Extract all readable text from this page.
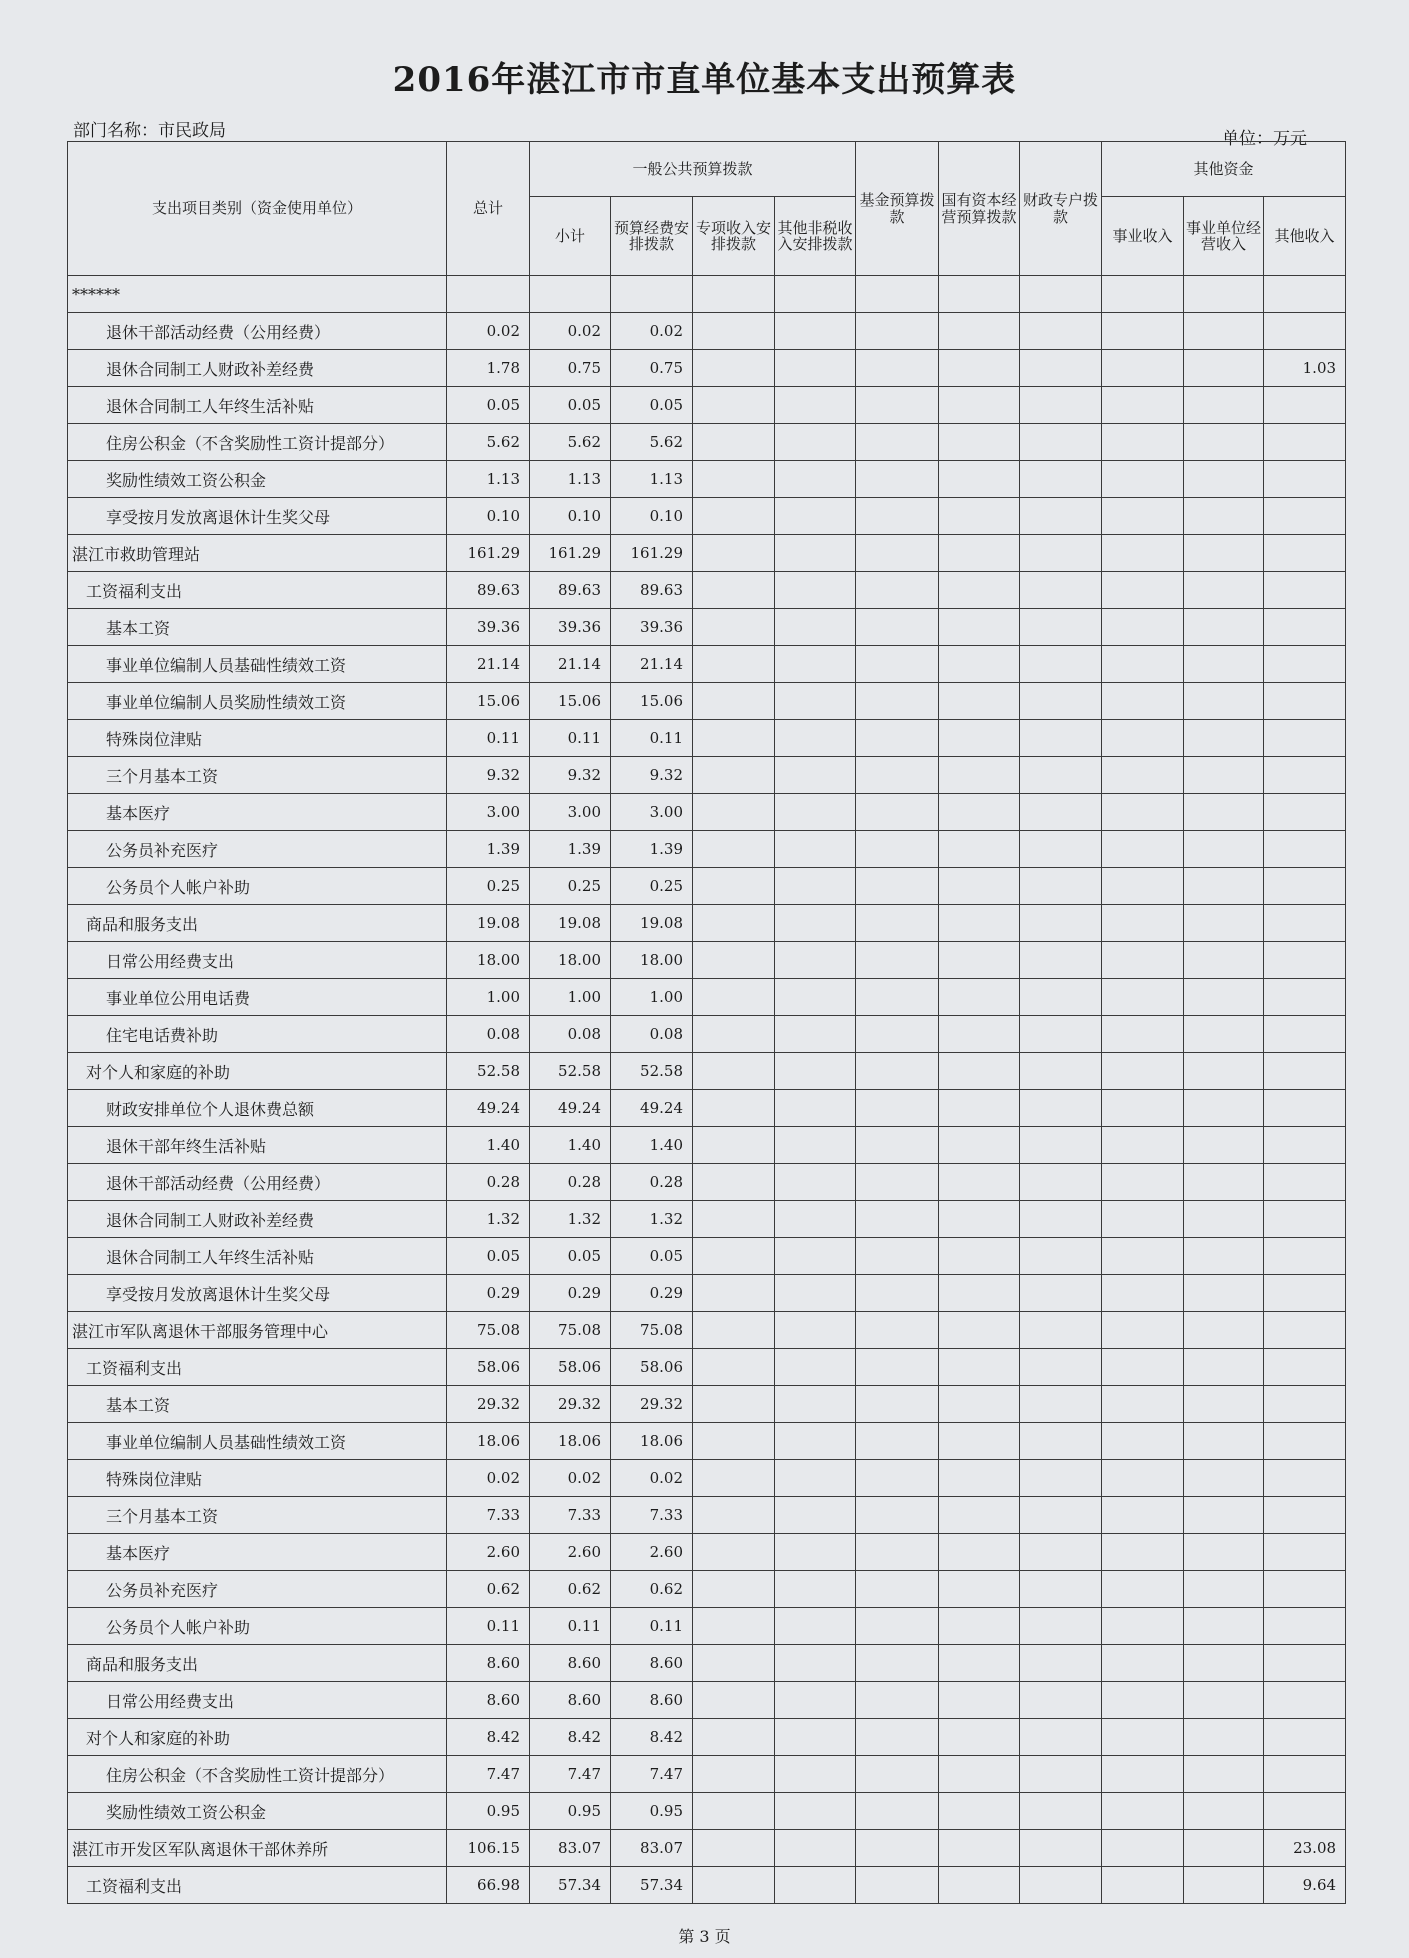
2016年湛江市市直单位基本支出预算表
部门名称：市民政局	单位：万元
支出项目类别（资金使用单位）	总计	一般公共预算拨款				基金预算拨款	国有资本经营预算拨款	财政专户拨款	其他资金		
		小计	预算经费安排拨款	专项收入安排拨款	其他非税收入安排拨款				事业收入	事业单位经营收入	其他收入
******											
退休干部活动经费（公用经费）	0.02	0.02	0.02								
退休合同制工人财政补差经费	1.78	0.75	0.75								1.03
退休合同制工人年终生活补贴	0.05	0.05	0.05								
住房公积金（不含奖励性工资计提部分）	5.62	5.62	5.62								
奖励性绩效工资公积金	1.13	1.13	1.13								
享受按月发放离退休计生奖父母	0.10	0.10	0.10								
湛江市救助管理站	161.29	161.29	161.29								
工资福利支出	89.63	89.63	89.63								
基本工资	39.36	39.36	39.36								
事业单位编制人员基础性绩效工资	21.14	21.14	21.14								
事业单位编制人员奖励性绩效工资	15.06	15.06	15.06								
特殊岗位津贴	0.11	0.11	0.11								
三个月基本工资	9.32	9.32	9.32								
基本医疗	3.00	3.00	3.00								
公务员补充医疗	1.39	1.39	1.39								
公务员个人帐户补助	0.25	0.25	0.25								
商品和服务支出	19.08	19.08	19.08								
日常公用经费支出	18.00	18.00	18.00								
事业单位公用电话费	1.00	1.00	1.00								
住宅电话费补助	0.08	0.08	0.08								
对个人和家庭的补助	52.58	52.58	52.58								
财政安排单位个人退休费总额	49.24	49.24	49.24								
退休干部年终生活补贴	1.40	1.40	1.40								
退休干部活动经费（公用经费）	0.28	0.28	0.28								
退休合同制工人财政补差经费	1.32	1.32	1.32								
退休合同制工人年终生活补贴	0.05	0.05	0.05								
享受按月发放离退休计生奖父母	0.29	0.29	0.29								
湛江市军队离退休干部服务管理中心	75.08	75.08	75.08								
工资福利支出	58.06	58.06	58.06								
基本工资	29.32	29.32	29.32								
事业单位编制人员基础性绩效工资	18.06	18.06	18.06								
特殊岗位津贴	0.02	0.02	0.02								
三个月基本工资	7.33	7.33	7.33								
基本医疗	2.60	2.60	2.60								
公务员补充医疗	0.62	0.62	0.62								
公务员个人帐户补助	0.11	0.11	0.11								
商品和服务支出	8.60	8.60	8.60								
日常公用经费支出	8.60	8.60	8.60								
对个人和家庭的补助	8.42	8.42	8.42								
住房公积金（不含奖励性工资计提部分）	7.47	7.47	7.47								
奖励性绩效工资公积金	0.95	0.95	0.95								
湛江市开发区军队离退休干部休养所	106.15	83.07	83.07								23.08
工资福利支出	66.98	57.34	57.34								9.64
第 3 页
